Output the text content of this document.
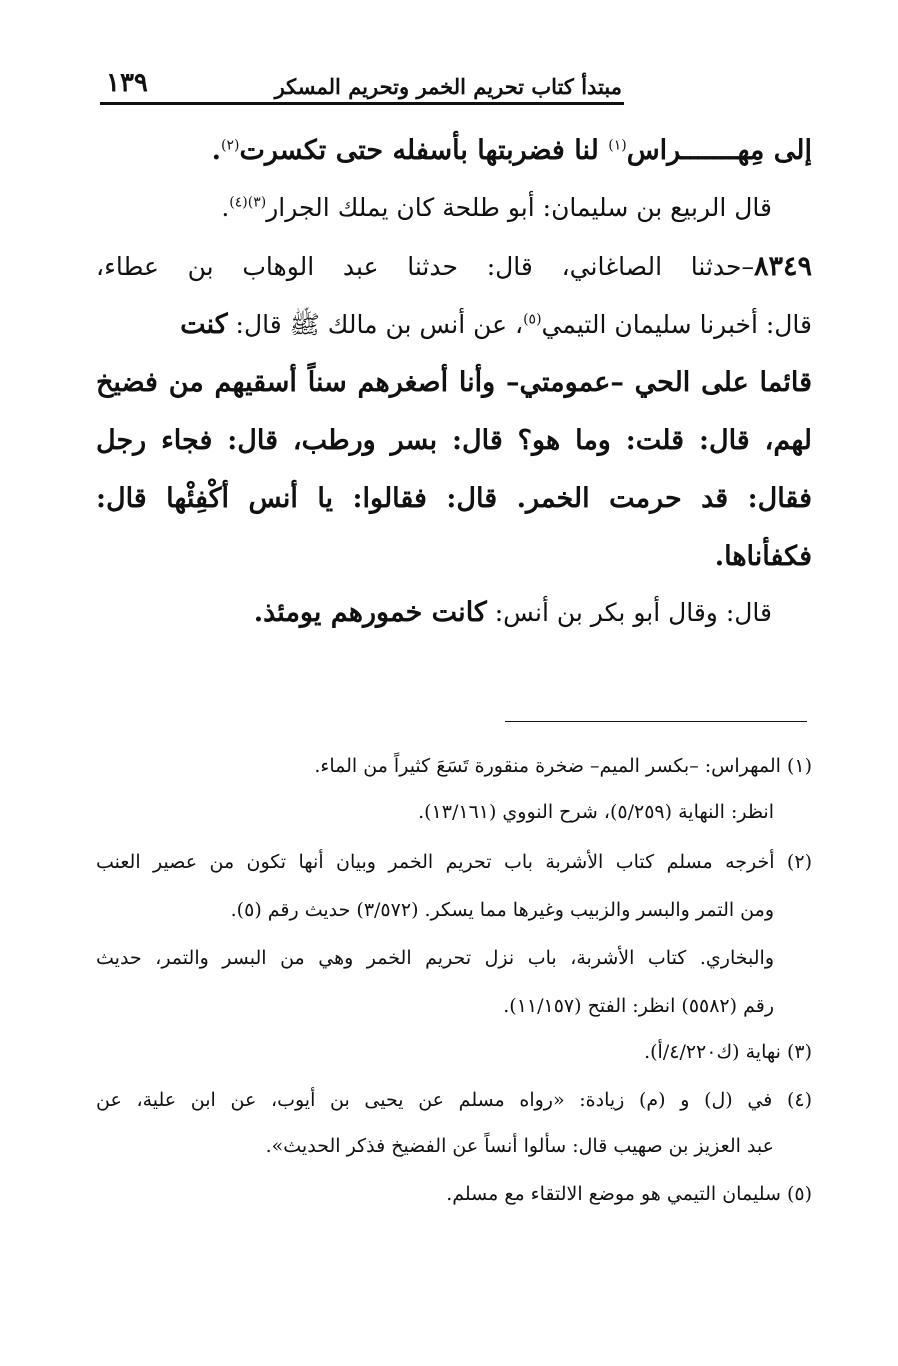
١٣٩	مبتدأ كتاب تحريم الخمر وتحريم المسكر
إلى مِهـــــــراس$^{(١)}$ لنا فضربتها بأسفله حتى تكسرت$^{(٢)}$.
قال الربيع بن سليمان: أبو طلحة كان يملك الجرار$^{(٣)(٤)}$.
٨٣٤٩–حدثنا الصاغاني، قال: حدثنا عبد الوهاب بن عطاء،
قال: أخبرنا سليمان التيمي$^{(٥)}$، عن أنس بن مالك ﷺ قال: كنت
قائما على الحي –عمومتي– وأنا أصغرهم سناً أسقيهم من فضيخ
لهم، قال: قلت: وما هو؟ قال: بسر ورطب، قال: فجاء رجل
فقال: قد حرمت الخمر. قال: فقالوا: يا أنس أكْفِئْها قال:
فكفأناها.
قال: وقال أبو بكر بن أنس: كانت خمورهم يومئذ.
(١) المهراس: –بكسر الميم– ضخرة منقورة تَسَعَ كثيراً من الماء.
انظر: النهاية (٥/٢٥٩)، شرح النووي (١٣/١٦١).
(٢) أخرجه مسلم كتاب الأشربة باب تحريم الخمر وبيان أنها تكون من عصير العنب
ومن التمر والبسر والزبيب وغيرها مما يسكر. (٣/٥٧٢) حديث رقم (٥).
والبخاري. كتاب الأشربة، باب نزل تحريم الخمر وهي من البسر والتمر، حديث
رقم (٥٥٨٢) انظر: الفتح (١١/١٥٧).
(٣) نهاية (ك٤/٢٢٠/أ).
(٤) في (ل) و (م) زيادة: «رواه مسلم عن يحيى بن أيوب، عن ابن علية، عن
عبد العزيز بن صهيب قال: سألوا أنساً عن الفضيخ فذكر الحديث».
(٥) سليمان التيمي هو موضع الالتقاء مع مسلم.
